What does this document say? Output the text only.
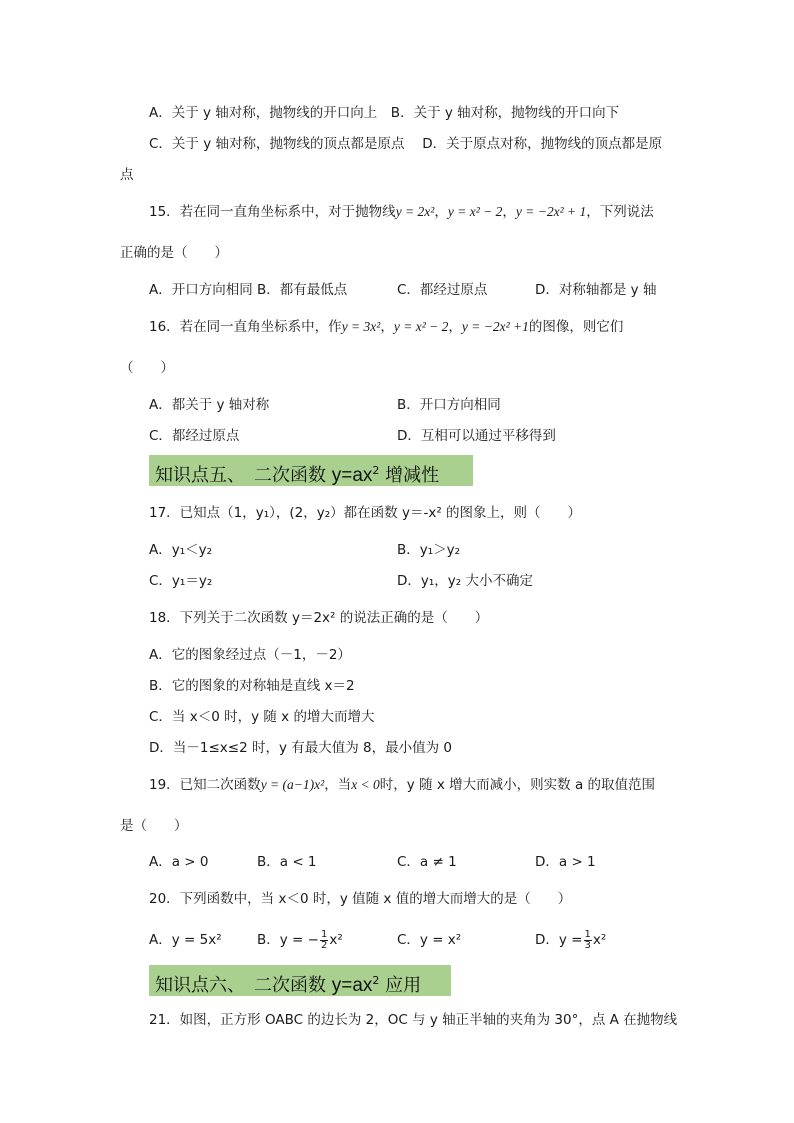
A．关于 y 轴对称，抛物线的开口向上　B．关于 y 轴对称，抛物线的开口向下
C．关于 y 轴对称，抛物线的顶点都是原点　 D．关于原点对称，抛物线的顶点都是原
点
15．若在同一直角坐标系中，对于抛物线y = 2x²，y = x² − 2，y = −2x² + 1，下列说法
正确的是（　　）
A．开口方向相同 B．都有最低点	C．都经过原点	D．对称轴都是 y 轴
16．若在同一直角坐标系中，作y = 3x²，y = x² − 2，y = −2x² +1的图像，则它们
（　　）
A．都关于 y 轴对称	B．开口方向相同
C．都经过原点	D．互相可以通过平移得到
知识点五、　二次函数 $y=ax^2$ 增减性
17．已知点（1，y₁），(2，y₂）都在函数 y＝-x² 的图象上，则（　　）
A．y₁＜y₂	B．y₁＞y₂
C．y₁＝y₂	D．y₁，y₂ 大小不确定
18．下列关于二次函数 y＝2x² 的说法正确的是（　　）
A．它的图象经过点（－1，－2）
B．它的图象的对称轴是直线 x＝2
C．当 x＜0 时，y 随 x 的增大而增大
D．当－1≤x≤2 时，y 有最大值为 8，最小值为 0
19．已知二次函数y = (a−1)x²，当x < 0时，y 随 x 增大而减小，则实数 a 的取值范围
是（　　）
A．a > 0	B．a < 1	C．a ≠ 1	D．a > 1
20．下列函数中，当 x＜0 时，y 值随 x 值的增大而增大的是（　　）
A．y = 5x²	B．y = − $\frac{1}{2} x^2$	C．y = x²	D．$y = \frac{1}{3} x^2$
知识点六、　二次函数 $y=ax^2$ 应用
21．如图，正方形 OABC 的边长为 2，OC 与 y 轴正半轴的夹角为 30°，点 A 在抛物线
